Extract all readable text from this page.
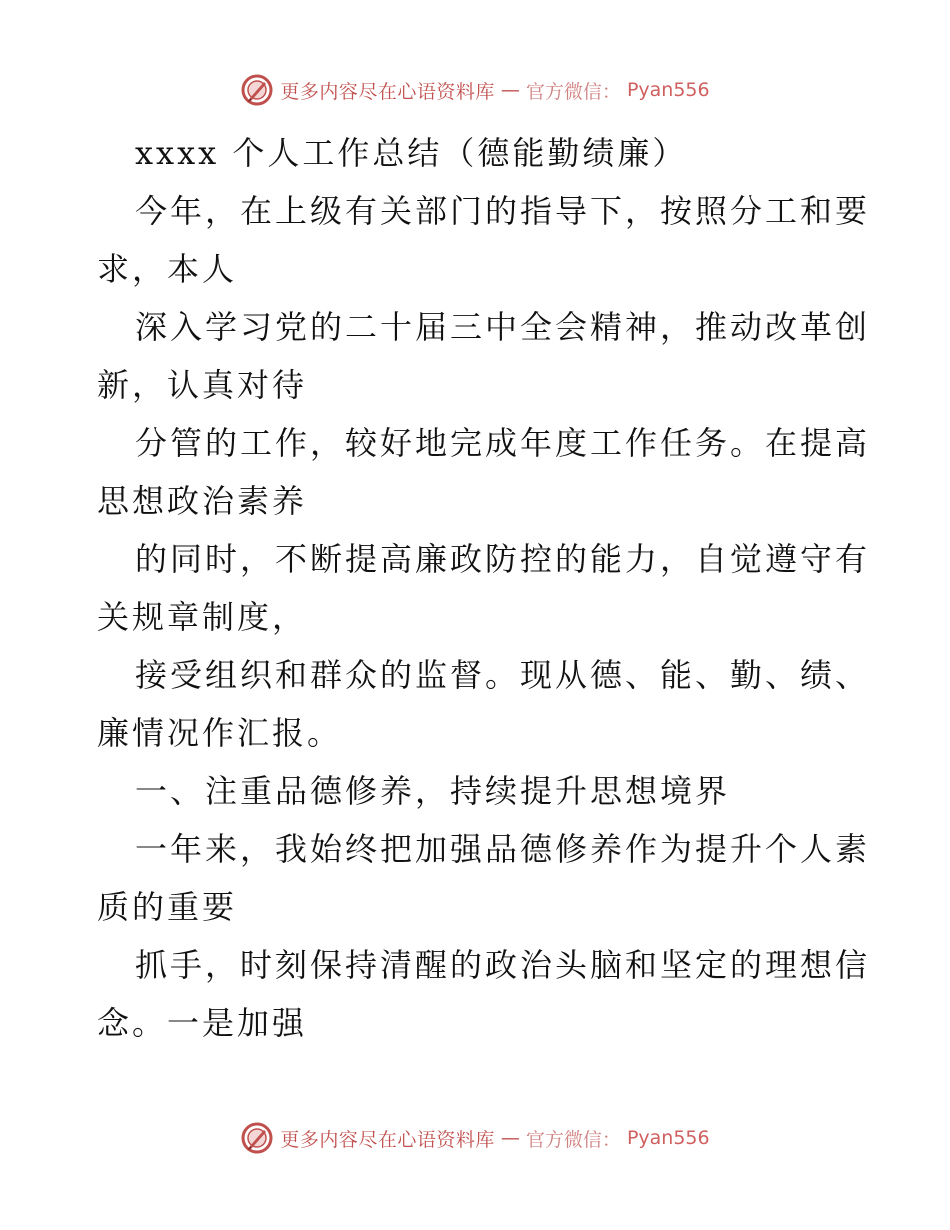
更多内容尽在心语资料库 — 官方微信： Pyan556
xxxx 个人工作总结（德能勤绩廉）
今年，在上级有关部门的指导下，按照分工和要
求，本人
深入学习党的二十届三中全会精神，推动改革创
新，认真对待
分管的工作，较好地完成年度工作任务。在提高
思想政治素养
的同时，不断提高廉政防控的能力，自觉遵守有
关规章制度，
接受组织和群众的监督。现从德、能、勤、绩、
廉情况作汇报。
一、注重品德修养，持续提升思想境界
一年来，我始终把加强品德修养作为提升个人素
质的重要
抓手，时刻保持清醒的政治头脑和坚定的理想信
念。一是加强
更多内容尽在心语资料库 — 官方微信： Pyan556
